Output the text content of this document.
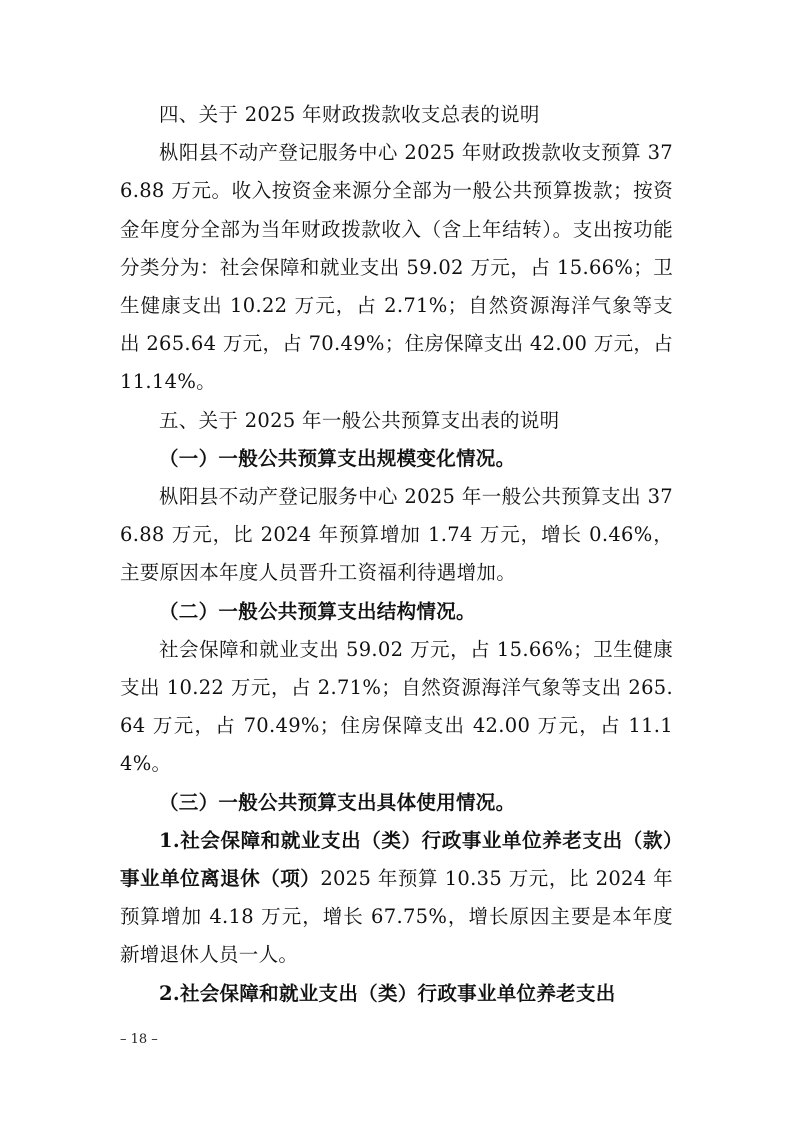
四、关于 2025 年财政拨款收支总表的说明

枞阳县不动产登记服务中心 2025 年财政拨款收支预算 376.88 万元。收入按资金来源分全部为一般公共预算拨款；按资金年度分全部为当年财政拨款收入（含上年结转）。支出按功能分类分为：社会保障和就业支出 59.02 万元，占 15.66%；卫生健康支出 10.22 万元，占 2.71%；自然资源海洋气象等支出 265.64 万元，占 70.49%；住房保障支出 42.00 万元，占 11.14%。

五、关于 2025 年一般公共预算支出表的说明

（一）一般公共预算支出规模变化情况。

枞阳县不动产登记服务中心 2025 年一般公共预算支出 376.88 万元，比 2024 年预算增加 1.74 万元，增长 0.46%，主要原因本年度人员晋升工资福利待遇增加。

（二）一般公共预算支出结构情况。

社会保障和就业支出 59.02 万元，占 15.66%；卫生健康支出 10.22 万元，占 2.71%；自然资源海洋气象等支出 265.64 万元，占 70.49%；住房保障支出 42.00 万元，占 11.14%。

（三）一般公共预算支出具体使用情况。

1.社会保障和就业支出（类）行政事业单位养老支出（款）事业单位离退休（项）2025 年预算 10.35 万元，比 2024 年预算增加 4.18 万元，增长 67.75%，增长原因主要是本年度新增退休人员一人。

2.社会保障和就业支出（类）行政事业单位养老支出

– 18 –
